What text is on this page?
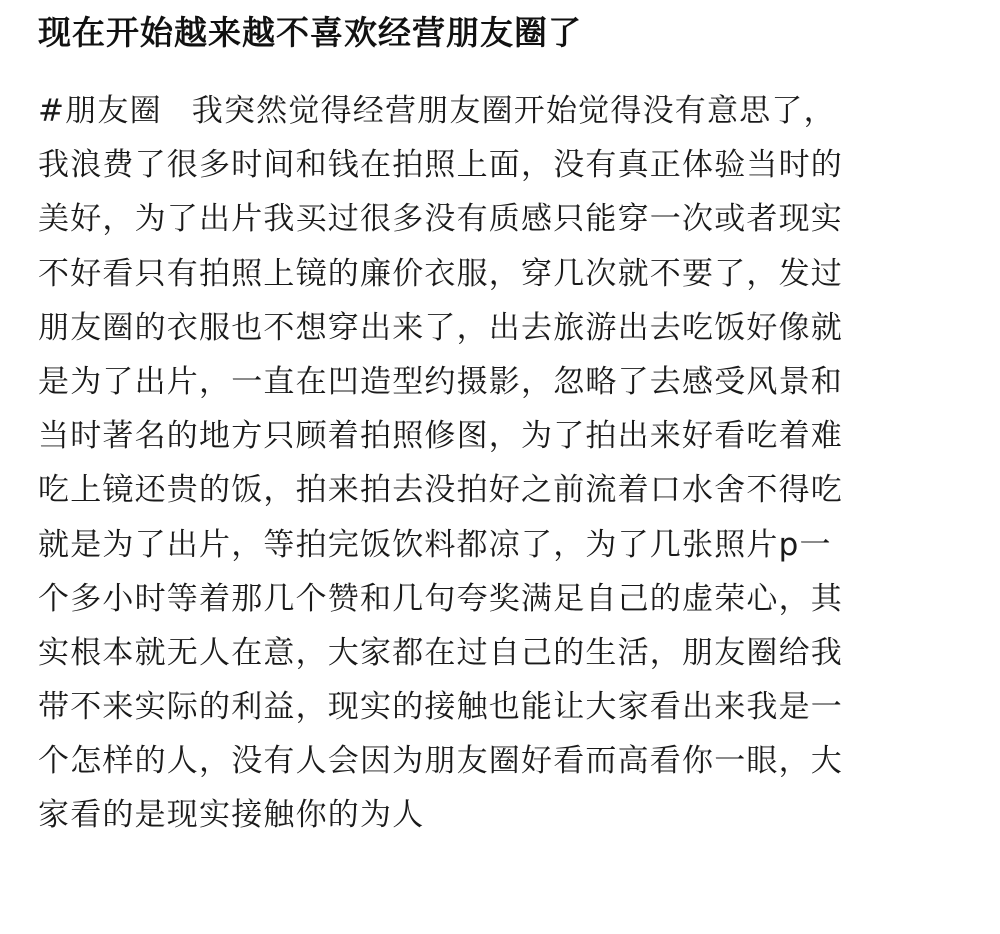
现在开始越来越不喜欢经营朋友圈了
#朋友圈 我突然觉得经营朋友圈开始觉得没有意思了，
我浪费了很多时间和钱在拍照上面，没有真正体验当时的
美好，为了出片我买过很多没有质感只能穿一次或者现实
不好看只有拍照上镜的廉价衣服，穿几次就不要了，发过
朋友圈的衣服也不想穿出来了，出去旅游出去吃饭好像就
是为了出片，一直在凹造型约摄影，忽略了去感受风景和
当时著名的地方只顾着拍照修图，为了拍出来好看吃着难
吃上镜还贵的饭，拍来拍去没拍好之前流着口水舍不得吃
就是为了出片，等拍完饭饮料都凉了，为了几张照片p一
个多小时等着那几个赞和几句夸奖满足自己的虚荣心，其
实根本就无人在意，大家都在过自己的生活，朋友圈给我
带不来实际的利益，现实的接触也能让大家看出来我是一
个怎样的人，没有人会因为朋友圈好看而高看你一眼，大
家看的是现实接触你的为人
